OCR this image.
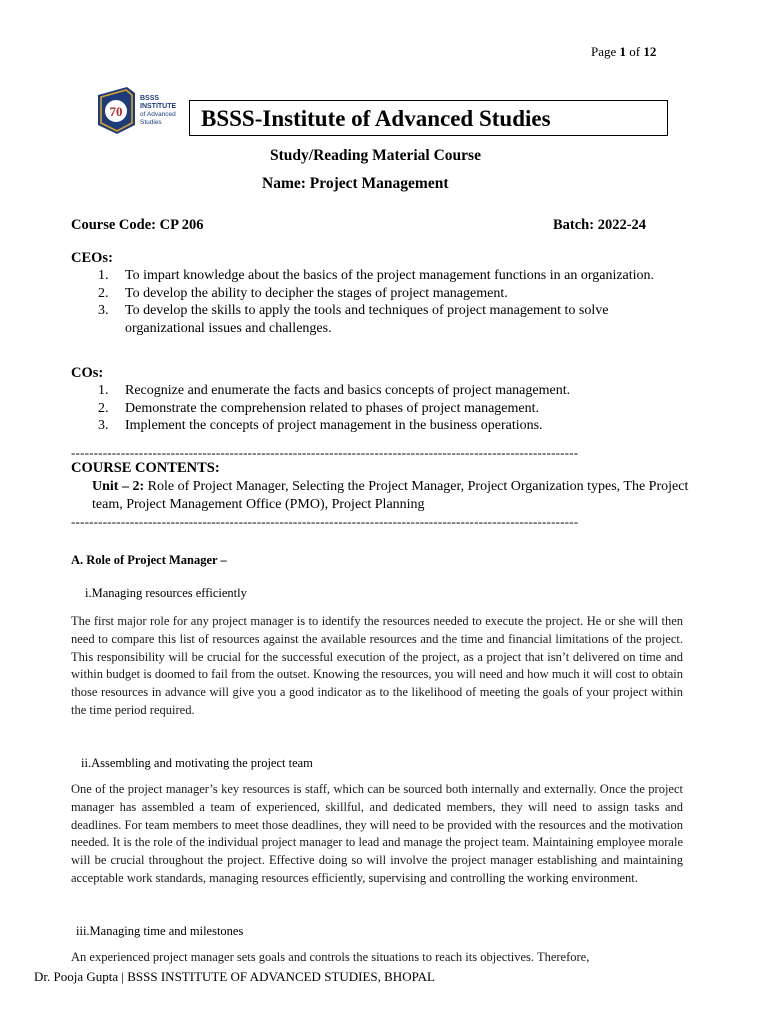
Page 1 of 12
70
BSSS
INSTITUTE
of Advanced
Studies BSSS-Institute of Advanced Studies
Study/Reading Material Course
Name: Project Management
Course Code: CP 206	Batch: 2022-24
CEOs:
1. To impart knowledge about the basics of the project management functions in an organization.
2. To develop the ability to decipher the stages of project management.
3. To develop the skills to apply the tools and techniques of project management to solve organizational issues and challenges.
COs:
1. Recognize and enumerate the facts and basics concepts of project management.
2. Demonstrate the comprehension related to phases of project management.
3. Implement the concepts of project management in the business operations.
----------------------------------------------------------------------------------------------------------------
COURSE CONTENTS:
Unit – 2: Role of Project Manager, Selecting the Project Manager, Project Organization types, The Project team, Project Management Office (PMO), Project Planning
----------------------------------------------------------------------------------------------------------------
A. Role of Project Manager –
i.Managing resources efficiently
The first major role for any project manager is to identify the resources needed to execute the project. He or she will then need to compare this list of resources against the available resources and the time and financial limitations of the project. This responsibility will be crucial for the successful execution of the project, as a project that isn’t delivered on time and within budget is doomed to fail from the outset. Knowing the resources, you will need and how much it will cost to obtain those resources in advance will give you a good indicator as to the likelihood of meeting the goals of your project within the time period required.
ii.Assembling and motivating the project team
One of the project manager’s key resources is staff, which can be sourced both internally and externally. Once the project manager has assembled a team of experienced, skillful, and dedicated members, they will need to assign tasks and deadlines. For team members to meet those deadlines, they will need to be provided with the resources and the motivation needed. It is the role of the individual project manager to lead and manage the project team. Maintaining employee morale will be crucial throughout the project. Effective doing so will involve the project manager establishing and maintaining acceptable work standards, managing resources efficiently, supervising and controlling the working environment.
iii.Managing time and milestones
An experienced project manager sets goals and controls the situations to reach its objectives. Therefore,
Dr. Pooja Gupta | BSSS INSTITUTE OF ADVANCED STUDIES, BHOPAL
